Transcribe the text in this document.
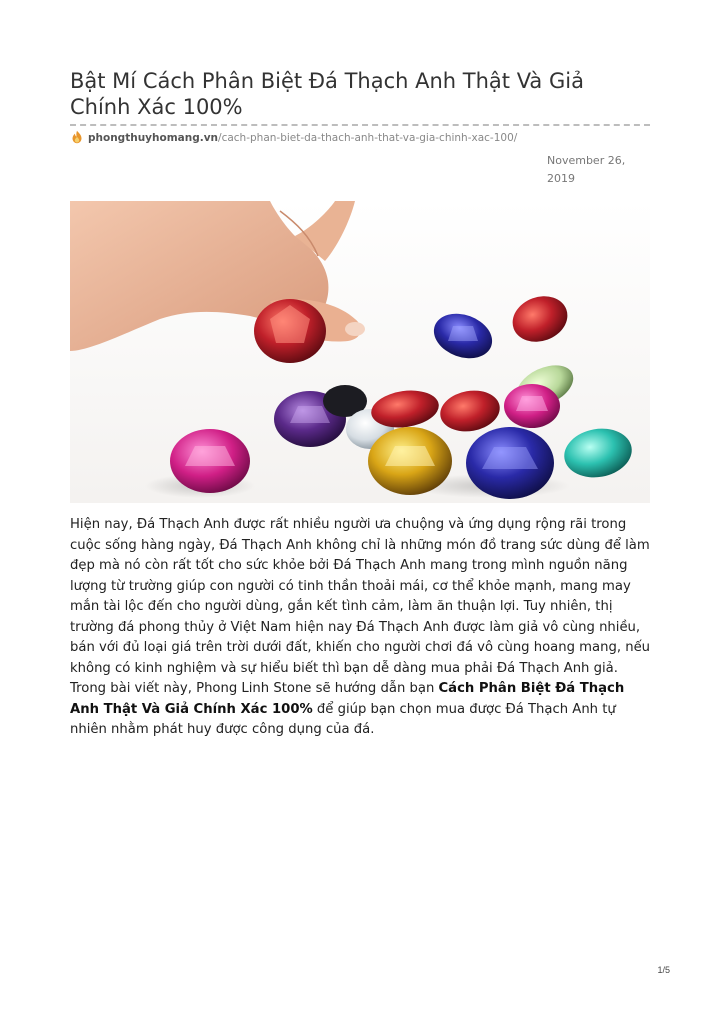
Bật Mí Cách Phân Biệt Đá Thạch Anh Thật Và Giả Chính Xác 100%
phongthuyhomang.vn/cach-phan-biet-da-thach-anh-that-va-gia-chinh-xac-100/
November 26, 2019

Hiện nay, Đá Thạch Anh được rất nhiều người ưa chuộng và ứng dụng rộng rãi trong cuộc sống hàng ngày, Đá Thạch Anh không chỉ là những món đồ trang sức dùng để làm đẹp mà nó còn rất tốt cho sức khỏe bởi Đá Thạch Anh mang trong mình nguồn năng lượng từ trường giúp con người có tinh thần thoải mái, cơ thể khỏe mạnh, mang may mắn tài lộc đến cho người dùng, gắn kết tình cảm, làm ăn thuận lợi. Tuy nhiên, thị trường đá phong thủy ở Việt Nam hiện nay Đá Thạch Anh được làm giả vô cùng nhiều, bán với đủ loại giá trên trời dưới đất, khiến cho người chơi đá vô cùng hoang mang, nếu không có kinh nghiệm và sự hiểu biết thì bạn dễ dàng mua phải Đá Thạch Anh giả. Trong bài viết này, Phong Linh Stone sẽ hướng dẫn bạn Cách Phân Biệt Đá Thạch Anh Thật Và Giả Chính Xác 100% để giúp bạn chọn mua được Đá Thạch Anh tự nhiên nhằm phát huy được công dụng của đá.

1/5
